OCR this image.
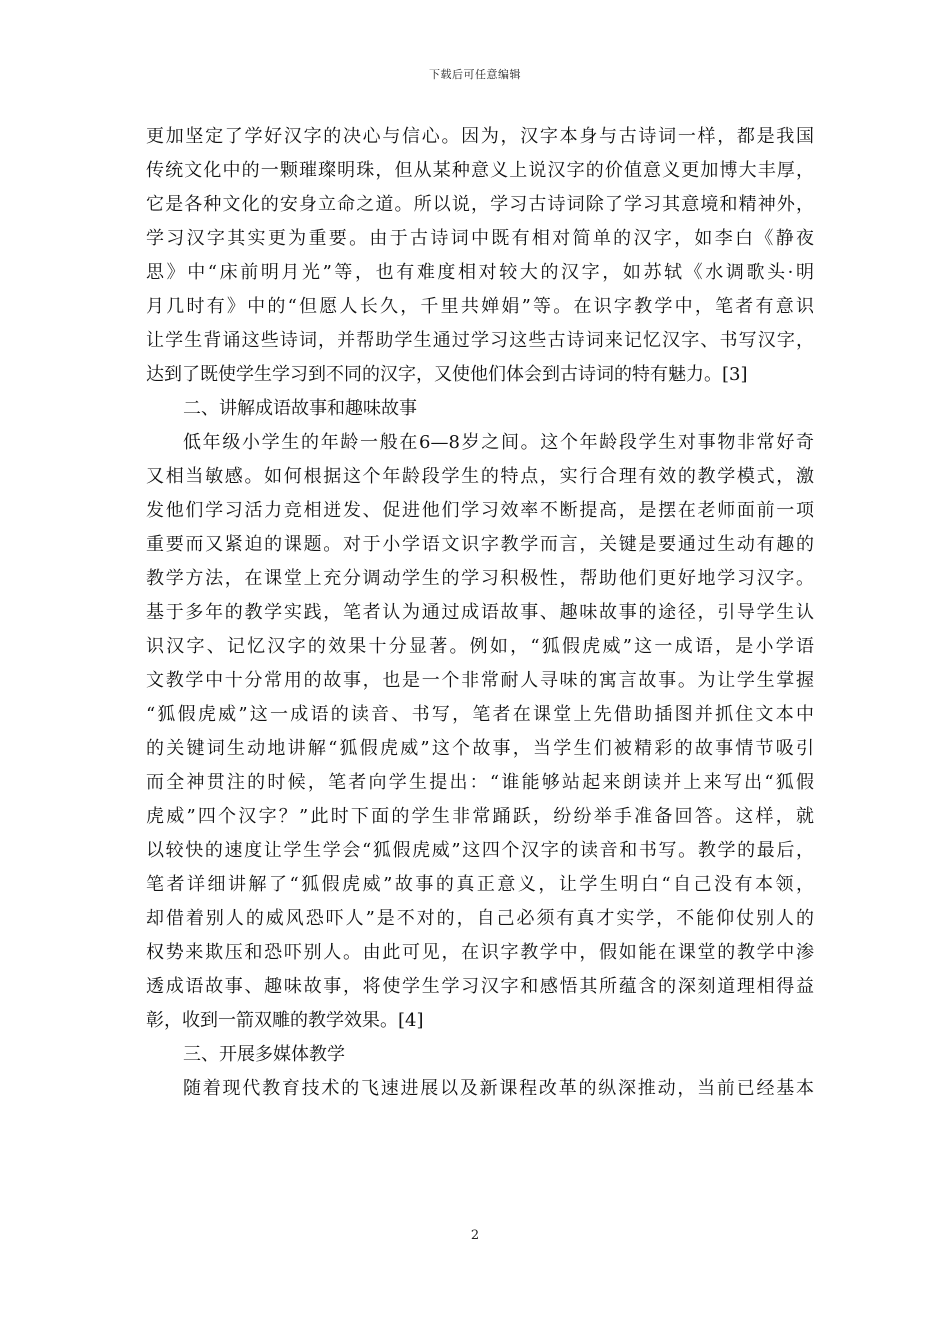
下载后可任意编辑
更加坚定了学好汉字的决心与信心。因为，汉字本身与古诗词一样，都是我国
传统文化中的一颗璀璨明珠，但从某种意义上说汉字的价值意义更加博大丰厚，
它是各种文化的安身立命之道。所以说，学习古诗词除了学习其意境和精神外，
学习汉字其实更为重要。由于古诗词中既有相对简单的汉字，如李白《静夜
思》中“床前明月光”等，也有难度相对较大的汉字，如苏轼《水调歌头·明
月几时有》中的“但愿人长久，千里共婵娟”等。在识字教学中，笔者有意识
让学生背诵这些诗词，并帮助学生通过学习这些古诗词来记忆汉字、书写汉字，
达到了既使学生学习到不同的汉字，又使他们体会到古诗词的特有魅力。[3]
二、讲解成语故事和趣味故事
低年级小学生的年龄一般在6—8岁之间。这个年龄段学生对事物非常好奇
又相当敏感。如何根据这个年龄段学生的特点，实行合理有效的教学模式，激
发他们学习活力竞相迸发、促进他们学习效率不断提高，是摆在老师面前一项
重要而又紧迫的课题。对于小学语文识字教学而言，关键是要通过生动有趣的
教学方法，在课堂上充分调动学生的学习积极性，帮助他们更好地学习汉字。
基于多年的教学实践，笔者认为通过成语故事、趣味故事的途径，引导学生认
识汉字、记忆汉字的效果十分显著。例如，“狐假虎威”这一成语，是小学语
文教学中十分常用的故事，也是一个非常耐人寻味的寓言故事。为让学生掌握
“狐假虎威”这一成语的读音、书写，笔者在课堂上先借助插图并抓住文本中
的关键词生动地讲解“狐假虎威”这个故事，当学生们被精彩的故事情节吸引
而全神贯注的时候，笔者向学生提出：“谁能够站起来朗读并上来写出“狐假
虎威”四个汉字？”此时下面的学生非常踊跃，纷纷举手准备回答。这样，就
以较快的速度让学生学会“狐假虎威”这四个汉字的读音和书写。教学的最后，
笔者详细讲解了“狐假虎威”故事的真正意义，让学生明白“自己没有本领，
却借着别人的威风恐吓人”是不对的，自己必须有真才实学，不能仰仗别人的
权势来欺压和恐吓别人。由此可见，在识字教学中，假如能在课堂的教学中渗
透成语故事、趣味故事，将使学生学习汉字和感悟其所蕴含的深刻道理相得益
彰，收到一箭双雕的教学效果。[4]
三、开展多媒体教学
随着现代教育技术的飞速进展以及新课程改革的纵深推动，当前已经基本
2
